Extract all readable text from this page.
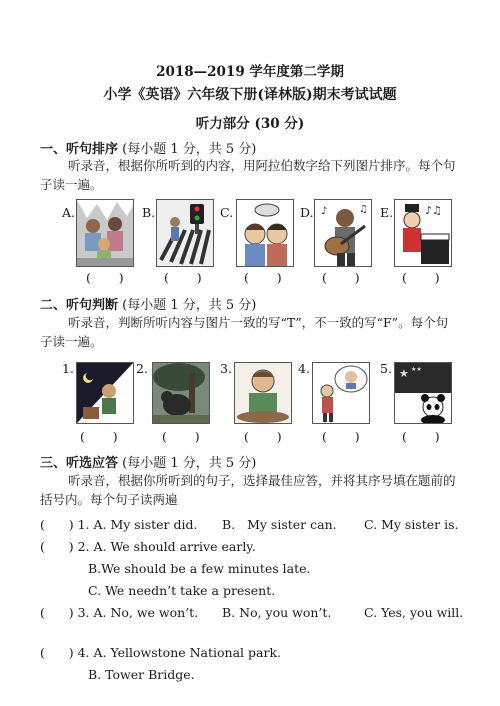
2018—2019 学年度第二学期
小学《英语》六年级下册(译林版)期末考试试题
听力部分 (30 分)
一、听句排序 (每小题 1 分，共 5 分)
听录音，根据你所听到的内容，用阿拉伯数字给下列图片排序。每个句子读一遍。
A.	B.	C.	D.	E.
♪	♫	♪♫
(       )	(       )	(       )	(       )	(       )
二、听句判断 (每小题 1 分，共 5 分)
听录音，判断所听内容与图片一致的写“T”，不一致的写“F”。每个句子读一遍。
1.	2.	3.	4.	5. ★ ★★
(       )	(       )	(       )	(       )	(       )
三、听选应答 (每小题 1 分，共 5 分)
听录音，根据你所听到的句子，选择最佳应答，并将其序号填在题前的括号内。每个句子读两遍
(      ) 1. A. My sister did. B.   My sister can. C. My sister is.
(      ) 2. A. We should arrive early.
B.We should be a few minutes late.
C. We needn’t take a present.
(      ) 3. A. No, we won’t. B. No, you won’t.	C. Yes, you will.
(      ) 4. A. Yellowstone National park.
B. Tower Bridge.
